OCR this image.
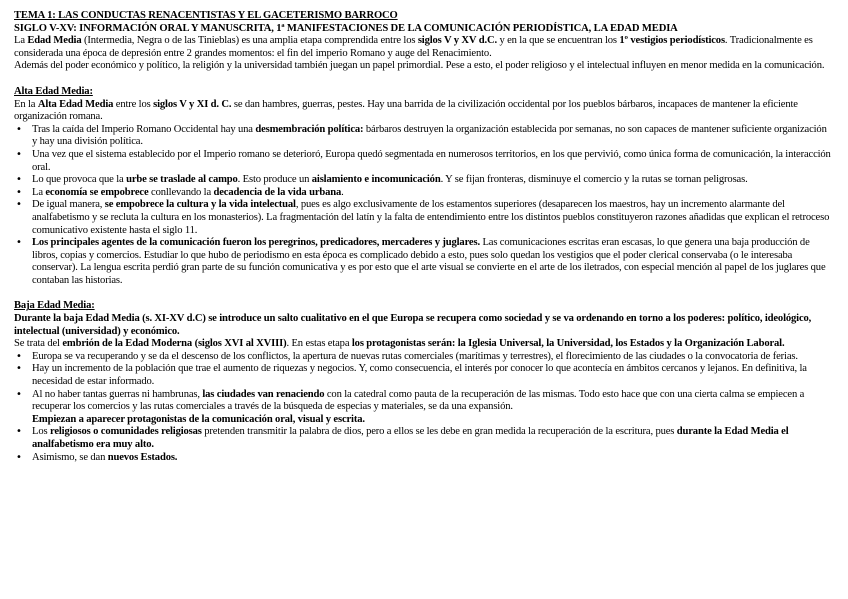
TEMA 1: LAS CONDUCTAS RENACENTISTAS Y EL GACETERISMO BARROCO

SIGLO V-XV: INFORMACIÓN ORAL Y MANUSCRITA, 1ª MANIFESTACIONES DE LA COMUNICACIÓN PERIODÍSTICA, LA EDAD MEDIA

La Edad Media (Intermedia, Negra o de las Tinieblas) es una amplia etapa comprendida entre los siglos V y XV d.C. y en la que se encuentran los 1º vestigios periodísticos. Tradicionalmente es considerada una época de depresión entre 2 grandes momentos: el fin del imperio Romano y auge del Renacimiento.

Además del poder económico y político, la religión y la universidad también juegan un papel primordial. Pese a esto, el poder religioso y el intelectual influyen en menor medida en la comunicación.

Alta Edad Media:

En la Alta Edad Media entre los siglos V y XI d. C. se dan hambres, guerras, pestes. Hay una barrida de la civilización occidental por los pueblos bárbaros, incapaces de mantener la eficiente organización romana.

• Tras la caída del Imperio Romano Occidental hay una desmembración política: bárbaros destruyen la organización establecida por semanas, no son capaces de mantener suficiente organización y hay una división política.
• Una vez que el sistema establecido por el Imperio romano se deterioró, Europa quedó segmentada en numerosos territorios, en los que pervivió, como única forma de comunicación, la interacción oral.
• Lo que provoca que la urbe se traslade al campo. Esto produce un aislamiento e incomunicación. Y se fijan fronteras, disminuye el comercio y la rutas se tornan peligrosas.
• La economía se empobrece conllevando la decadencia de la vida urbana.
• De igual manera, se empobrece la cultura y la vida intelectual, pues es algo exclusivamente de los estamentos superiores (desaparecen los maestros, hay un incremento alarmante del analfabetismo y se recluta la cultura en los monasterios). La fragmentación del latín y la falta de entendimiento entre los distintos pueblos constituyeron razones añadidas que explican el retroceso comunicativo existente hasta el siglo 11.
• Los principales agentes de la comunicación fueron los peregrinos, predicadores, mercaderes y juglares. Las comunicaciones escritas eran escasas, lo que genera una baja producción de libros, copias y comercios. Estudiar lo que hubo de periodismo en esta época es complicado debido a esto, pues solo quedan los vestigios que el poder clerical conservaba (o le interesaba conservar). La lengua escrita perdió gran parte de su función comunicativa y es por esto que el arte visual se convierte en el arte de los iletrados, con especial mención al papel de los juglares que contaban las historias.

Baja Edad Media:

Durante la baja Edad Media (s. XI-XV d.C) se introduce un salto cualitativo en el que Europa se recupera como sociedad y se va ordenando en torno a los poderes: político, ideológico, intelectual (universidad) y económico.

Se trata del embrión de la Edad Moderna (siglos XVI al XVIII). En estas etapa los protagonistas serán: la Iglesia Universal, la Universidad, los Estados y la Organización Laboral.

• Europa se va recuperando y se da el descenso de los conflictos, la apertura de nuevas rutas comerciales (marítimas y terrestres), el florecimiento de las ciudades o la convocatoria de ferias.
• Hay un incremento de la población que trae el aumento de riquezas y negocios. Y, como consecuencia, el interés por conocer lo que acontecía en ámbitos cercanos y lejanos. En definitiva, la necesidad de estar informado.
• Al no haber tantas guerras ni hambrunas, las ciudades van renaciendo con la catedral como pauta de la recuperación de las mismas. Todo esto hace que con una cierta calma se empiecen a recuperar los comercios y las rutas comerciales a través de la búsqueda de especias y materiales, se da una expansión.

Empiezan a aparecer protagonistas de la comunicación oral, visual y escrita.

• Los religiosos o comunidades religiosas pretenden transmitir la palabra de dios, pero a ellos se les debe en gran medida la recuperación de la escritura, pues durante la Edad Media el analfabetismo era muy alto.
• Asimismo, se dan nuevos Estados.
